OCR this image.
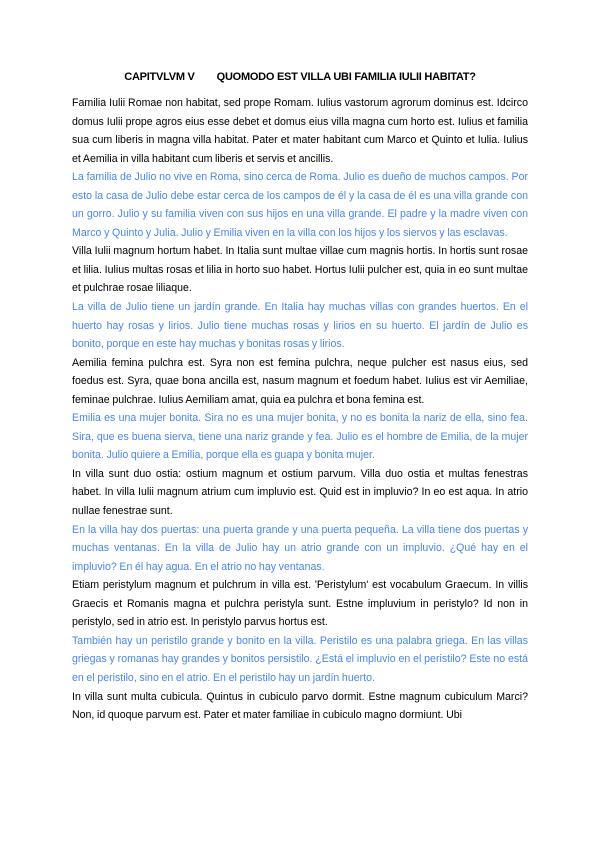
CAPITVLVM V QUOMODO EST VILLA UBI FAMILIA IULII HABITAT?

Familia Iulii Romae non habitat, sed prope Romam. Iulius vastorum agrorum dominus est. Idcirco domus Iulii prope agros eius esse debet et domus eius villa magna cum horto est. Iulius et familia sua cum liberis in magna villa habitat. Pater et mater habitant cum Marco et Quinto et Iulia. Iulius et Aemilia in villa habitant cum liberis et servis et ancillis.

La familia de Julio no vive en Roma, sino cerca de Roma. Julio es dueño de muchos campos. Por esto la casa de Julio debe estar cerca de los campos de él y la casa de él es una villa grande con un gorro. Julio y su familia viven con sus hijos en una villa grande. El padre y la madre viven con Marco y Quinto y Julia. Julio y Emilia viven en la villa con los hijos y los siervos y las esclavas.

Villa Iulii magnum hortum habet. In Italia sunt multae villae cum magnis hortis. In hortis sunt rosae et lilia. Iulius multas rosas et lilia in horto suo habet. Hortus Iulii pulcher est, quia in eo sunt multae et pulchrae rosae liliaque.

La villa de Julio tiene un jardín grande. En Italia hay muchas villas con grandes huertos. En el huerto hay rosas y lirios. Julio tiene muchas rosas y lirios en su huerto. El jardín de Julio es bonito, porque en este hay muchas y bonitas rosas y lirios.

Aemilia femina pulchra est. Syra non est femina pulchra, neque pulcher est nasus eius, sed foedus est. Syra, quae bona ancilla est, nasum magnum et foedum habet. Iulius est vir Aemiliae, feminae pulchrae. Iulius Aemiliam amat, quia ea pulchra et bona femina est.

Emilia es una mujer bonita. Sira no es una mujer bonita, y no es bonita la nariz de ella, sino fea. Sira, que es buena sierva, tiene una nariz grande y fea. Julio es el hombre de Emilia, de la mujer bonita. Julio quiere a Emilia, porque ella es guapa y bonita mujer.

In villa sunt duo ostia: ostium magnum et ostium parvum. Villa duo ostia et multas fenestras habet. In villa Iulii magnum atrium cum impluvio est. Quid est in impluvio? In eo est aqua. In atrio nullae fenestrae sunt.

En la villa hay dos puertas: una puerta grande y una puerta pequeña. La villa tiene dos puertas y muchas ventanas. En la villa de Julio hay un atrio grande con un impluvio. ¿Qué hay en el impluvio? En él hay agua. En el atrio no hay ventanas.

Etiam peristylum magnum et pulchrum in villa est. 'Peristylum' est vocabulum Graecum. In villis Graecis et Romanis magna et pulchra peristyla sunt. Estne impluvium in peristylo? Id non in peristylo, sed in atrio est. In peristylo parvus hortus est.

También hay un peristilo grande y bonito en la villa. Peristilo es una palabra griega. En las villas griegas y romanas hay grandes y bonitos persistilo. ¿Está el impluvio en el peristilo? Este no está en el peristilo, sino en el atrio. En el peristilo hay un jardín huerto.

In villa sunt multa cubicula. Quintus in cubiculo parvo dormit. Estne magnum cubiculum Marci? Non, id quoque parvum est. Pater et mater familiae in cubiculo magno dormiunt. Ubi
